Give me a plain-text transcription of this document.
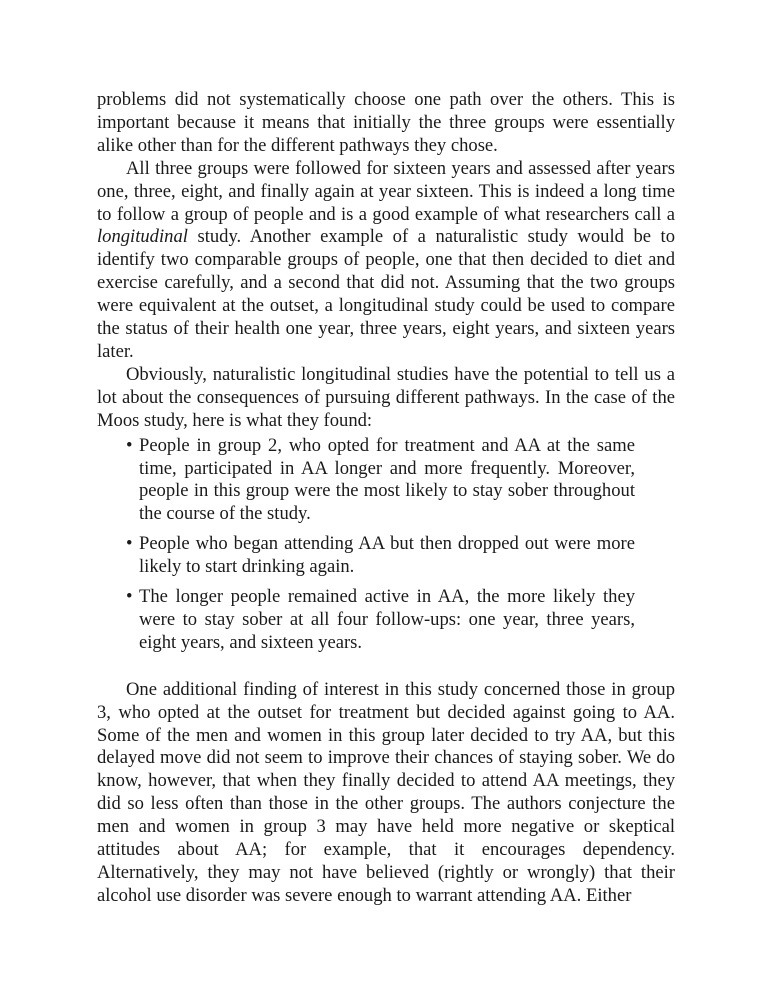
problems did not systematically choose one path over the others. This is important because it means that initially the three groups were essentially alike other than for the different pathways they chose.

All three groups were followed for sixteen years and assessed after years one, three, eight, and finally again at year sixteen. This is indeed a long time to follow a group of people and is a good example of what researchers call a longitudinal study. Another example of a naturalistic study would be to identify two comparable groups of people, one that then decided to diet and exercise carefully, and a second that did not. Assuming that the two groups were equivalent at the outset, a longitudinal study could be used to compare the status of their health one year, three years, eight years, and sixteen years later.

Obviously, naturalistic longitudinal studies have the potential to tell us a lot about the consequences of pursuing different pathways. In the case of the Moos study, here is what they found:

• People in group 2, who opted for treatment and AA at the same time, participated in AA longer and more frequently. Moreover, people in this group were the most likely to stay sober throughout the course of the study.
• People who began attending AA but then dropped out were more likely to start drinking again.
• The longer people remained active in AA, the more likely they were to stay sober at all four follow-ups: one year, three years, eight years, and sixteen years.

One additional finding of interest in this study concerned those in group 3, who opted at the outset for treatment but decided against going to AA. Some of the men and women in this group later decided to try AA, but this delayed move did not seem to improve their chances of staying sober. We do know, however, that when they finally decided to attend AA meetings, they did so less often than those in the other groups. The authors conjecture the men and women in group 3 may have held more negative or skeptical attitudes about AA; for example, that it encourages dependency. Alternatively, they may not have believed (rightly or wrongly) that their alcohol use disorder was severe enough to warrant attending AA. Either
